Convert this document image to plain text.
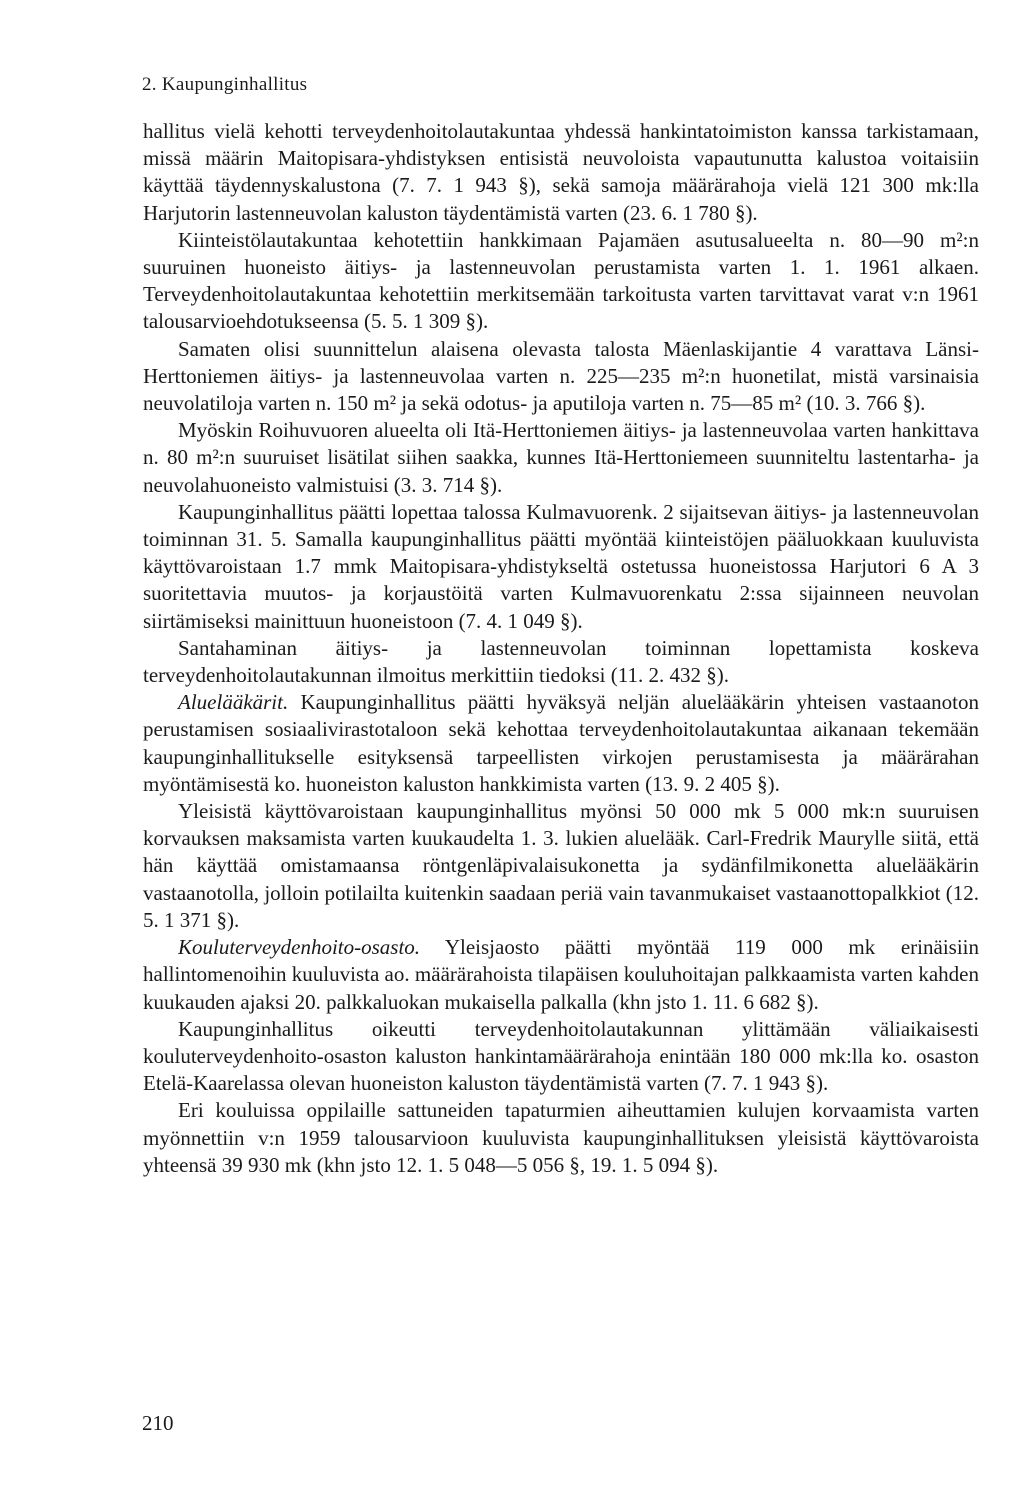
2. Kaupunginhallitus

hallitus vielä kehotti terveydenhoitolautakuntaa yhdessä hankintatoimiston kanssa tarkistamaan, missä määrin Maitopisara-yhdistyksen entisistä neuvoloista vapautunutta kalustoa voitaisiin käyttää täydennyskalustona (7. 7. 1 943 §), sekä samoja määrärahoja vielä 121 300 mk:lla Harjutorin lastenneuvolan kaluston täydentämistä varten (23. 6. 1 780 §).

Kiinteistölautakuntaa kehotettiin hankkimaan Pajamäen asutusalueelta n. 80—90 m²:n suuruinen huoneisto äitiys- ja lastenneuvolan perustamista varten 1. 1. 1961 alkaen. Terveydenhoitolautakuntaa kehotettiin merkitsemään tarkoitusta varten tarvittavat varat v:n 1961 talousarvioehdotukseensa (5. 5. 1 309 §).

Samaten olisi suunnittelun alaisena olevasta talosta Mäenlaskijantie 4 varattava Länsi-Herttoniemen äitiys- ja lastenneuvolaa varten n. 225—235 m²:n huonetilat, mistä varsinaisia neuvolatiloja varten n. 150 m² ja sekä odotus- ja aputiloja varten n. 75—85 m² (10. 3. 766 §).

Myöskin Roihuvuoren alueelta oli Itä-Herttoniemen äitiys- ja lastenneuvolaa varten hankittava n. 80 m²:n suuruiset lisätilat siihen saakka, kunnes Itä-Herttoniemeen suunniteltu lastentarha- ja neuvolahuoneisto valmistuisi (3. 3. 714 §).

Kaupunginhallitus päätti lopettaa talossa Kulmavuorenk. 2 sijaitsevan äitiys- ja lastenneuvolan toiminnan 31. 5. Samalla kaupunginhallitus päätti myöntää kiinteistöjen pääluokkaan kuuluvista käyttövaroistaan 1.7 mmk Maitopisara-yhdistykseltä ostetussa huoneistossa Harjutori 6 A 3 suoritettavia muutos- ja korjaustöitä varten Kulmavuorenkatu 2:ssa sijainneen neuvolan siirtämiseksi mainittuun huoneistoon (7. 4. 1 049 §).

Santahaminan äitiys- ja lastenneuvolan toiminnan lopettamista koskeva terveydenhoitolautakunnan ilmoitus merkittiin tiedoksi (11. 2. 432 §).

Aluelääkärit. Kaupunginhallitus päätti hyväksyä neljän aluelääkärin yhteisen vastaanoton perustamisen sosiaalivirastotaloon sekä kehottaa terveydenhoitolautakuntaa aikanaan tekemään kaupunginhallitukselle esityksensä tarpeellisten virkojen perustamisesta ja määrärahan myöntämisestä ko. huoneiston kaluston hankkimista varten (13. 9. 2 405 §).

Yleisistä käyttövaroistaan kaupunginhallitus myönsi 50 000 mk 5 000 mk:n suuruisen korvauksen maksamista varten kuukaudelta 1. 3. lukien aluelääk. Carl-Fredrik Maurylle siitä, että hän käyttää omistamaansa röntgenläpivalaisukonetta ja sydänfilmikonetta aluelääkärin vastaanotolla, jolloin potilailta kuitenkin saadaan periä vain tavanmukaiset vastaanottopalkkiot (12. 5. 1 371 §).

Kouluterveydenhoito-osasto. Yleisjaosto päätti myöntää 119 000 mk erinäisiin hallintomenoihin kuuluvista ao. määrärahoista tilapäisen kouluhoitajan palkkaamista varten kahden kuukauden ajaksi 20. palkkaluokan mukaisella palkalla (khn jsto 1. 11. 6 682 §).

Kaupunginhallitus oikeutti terveydenhoitolautakunnan ylittämään väliaikaisesti kouluterveydenhoito-osaston kaluston hankintamäärärahoja enintään 180 000 mk:lla ko. osaston Etelä-Kaarelassa olevan huoneiston kaluston täydentämistä varten (7. 7. 1 943 §).

Eri kouluissa oppilaille sattuneiden tapaturmien aiheuttamien kulujen korvaamista varten myönnettiin v:n 1959 talousarvioon kuuluvista kaupunginhallituksen yleisistä käyttövaroista yhteensä 39 930 mk (khn jsto 12. 1. 5 048—5 056 §, 19. 1. 5 094 §).

210
